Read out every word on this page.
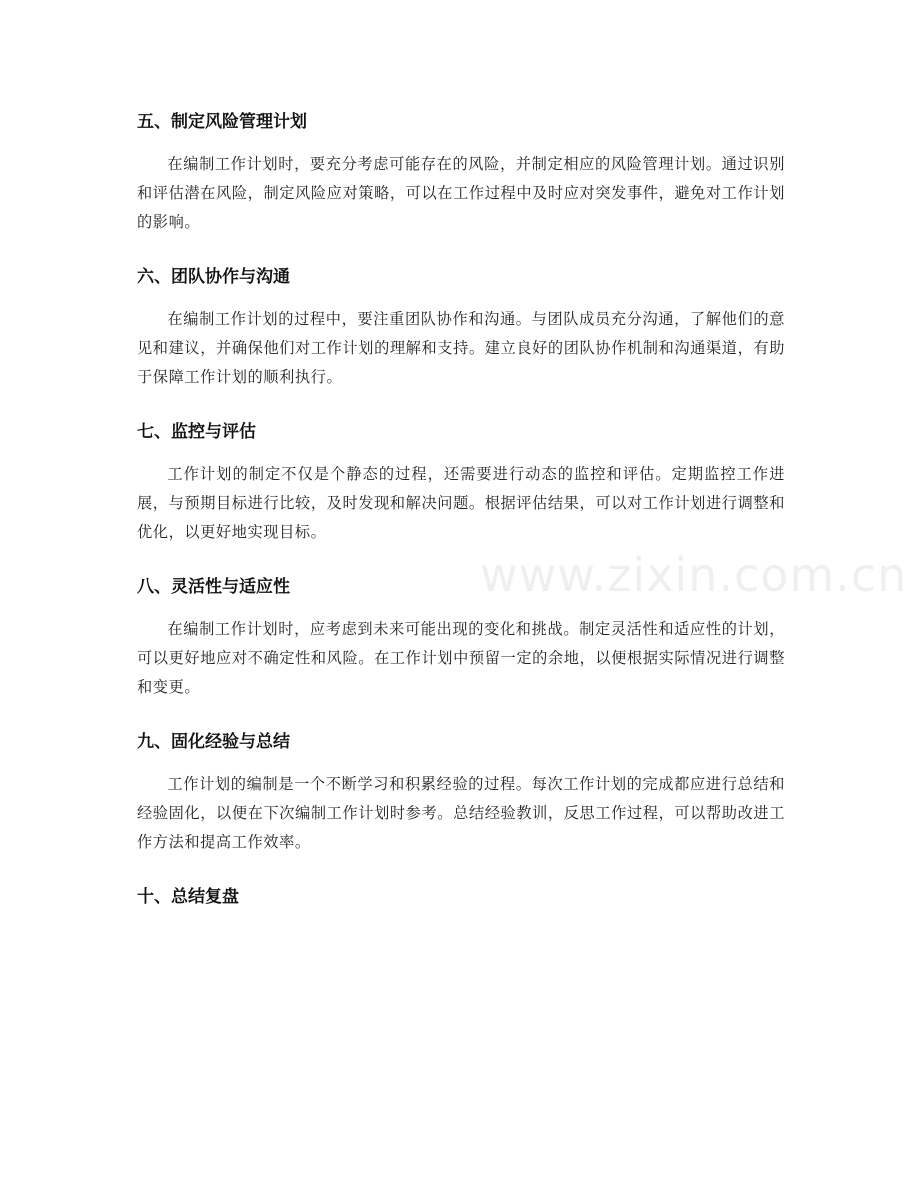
五、制定风险管理计划

在编制工作计划时，要充分考虑可能存在的风险，并制定相应的风险管理计划。通过识别和评估潜在风险，制定风险应对策略，可以在工作过程中及时应对突发事件，避免对工作计划的影响。

六、团队协作与沟通

在编制工作计划的过程中，要注重团队协作和沟通。与团队成员充分沟通，了解他们的意见和建议，并确保他们对工作计划的理解和支持。建立良好的团队协作机制和沟通渠道，有助于保障工作计划的顺利执行。

七、监控与评估

工作计划的制定不仅是个静态的过程，还需要进行动态的监控和评估。定期监控工作进展，与预期目标进行比较，及时发现和解决问题。根据评估结果，可以对工作计划进行调整和优化，以更好地实现目标。

八、灵活性与适应性

在编制工作计划时，应考虑到未来可能出现的变化和挑战。制定灵活性和适应性的计划，可以更好地应对不确定性和风险。在工作计划中预留一定的余地，以便根据实际情况进行调整和变更。

九、固化经验与总结

工作计划的编制是一个不断学习和积累经验的过程。每次工作计划的完成都应进行总结和经验固化，以便在下次编制工作计划时参考。总结经验教训，反思工作过程，可以帮助改进工作方法和提高工作效率。

十、总结复盘
www.zixin.com.cn
